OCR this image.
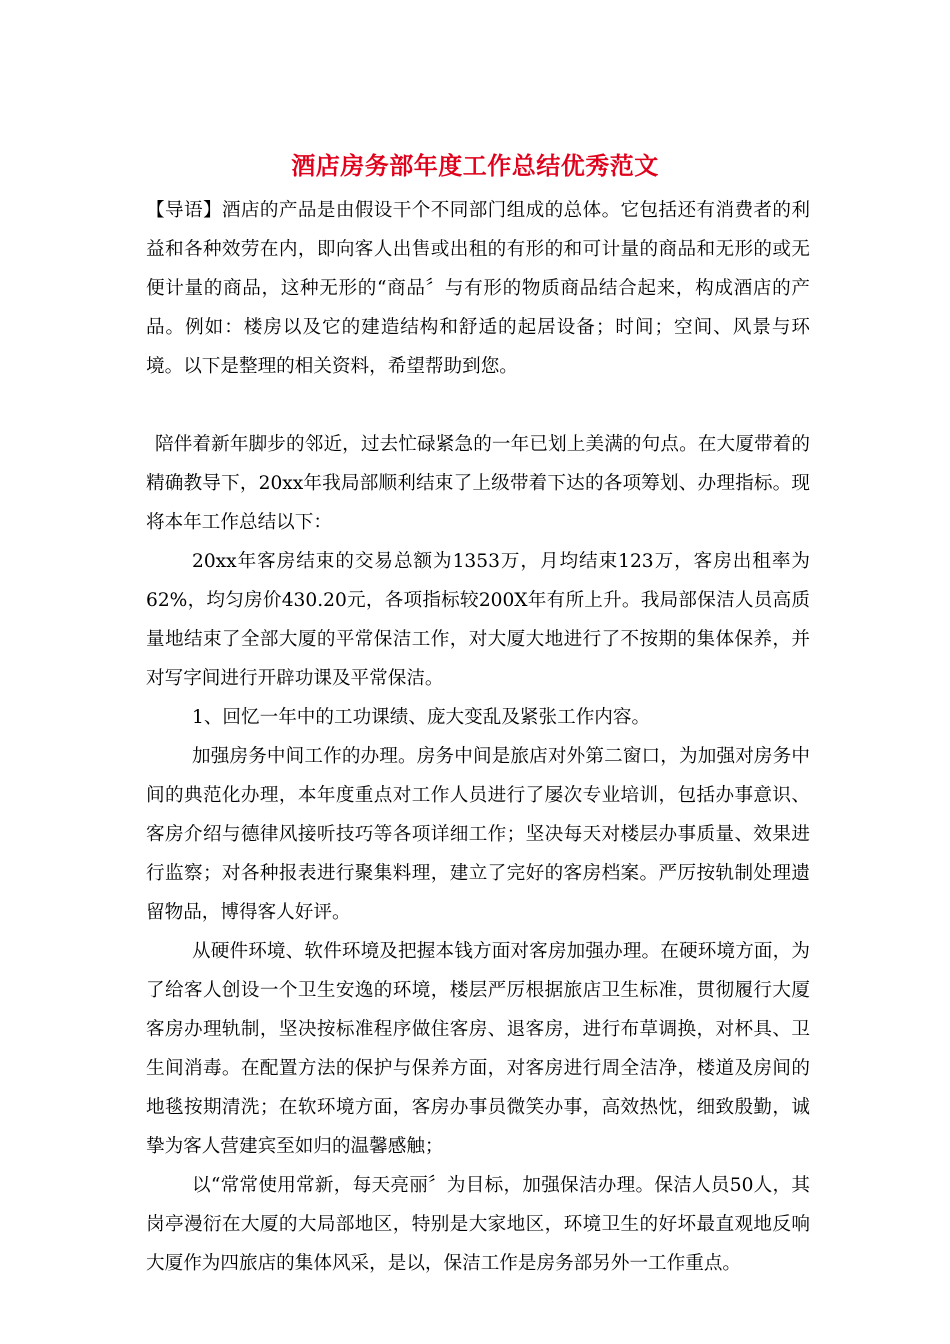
酒店房务部年度工作总结优秀范文

【导语】酒店的产品是由假设干个不同部门组成的总体。它包括还有消费者的利益和各种效劳在内，即向客人出售或出租的有形的和可计量的商品和无形的或无便计量的商品，这种无形的“商品〞与有形的物质商品结合起来，构成酒店的产品。例如：楼房以及它的建造结构和舒适的起居设备；时间；空间、风景与环境。以下是整理的相关资料，希望帮助到您。

陪伴着新年脚步的邻近，过去忙碌紧急的一年已划上美满的句点。在大厦带着的精确教导下，20xx年我局部顺利结束了上级带着下达的各项筹划、办理指标。现将本年工作总结以下：

20xx年客房结束的交易总额为1353万，月均结束123万，客房出租率为62%，均匀房价430.20元，各项指标较200X年有所上升。我局部保洁人员高质量地结束了全部大厦的平常保洁工作，对大厦大地进行了不按期的集体保养，并对写字间进行开辟功课及平常保洁。

1、回忆一年中的工功课绩、庞大变乱及紧张工作内容。

加强房务中间工作的办理。房务中间是旅店对外第二窗口，为加强对房务中间的典范化办理，本年度重点对工作人员进行了屡次专业培训，包括办事意识、客房介绍与德律风接听技巧等各项详细工作；坚决每天对楼层办事质量、效果进行监察；对各种报表进行聚集料理，建立了完好的客房档案。严厉按轨制处理遗留物品，博得客人好评。

从硬件环境、软件环境及把握本钱方面对客房加强办理。在硬环境方面，为了给客人创设一个卫生安逸的环境，楼层严厉根据旅店卫生标准，贯彻履行大厦客房办理轨制，坚决按标准程序做住客房、退客房，进行布草调换，对杯具、卫生间消毒。在配置方法的保护与保养方面，对客房进行周全洁净，楼道及房间的地毯按期清洗；在软环境方面，客房办事员微笑办事，高效热忱，细致殷勤，诚挚为客人营建宾至如归的温馨感触；

以“常常使用常新，每天亮丽〞为目标，加强保洁办理。保洁人员50人，其岗亭漫衍在大厦的大局部地区，特别是大家地区，环境卫生的好坏最直观地反响大厦作为四旅店的集体风采，是以，保洁工作是房务部另外一工作重点。
